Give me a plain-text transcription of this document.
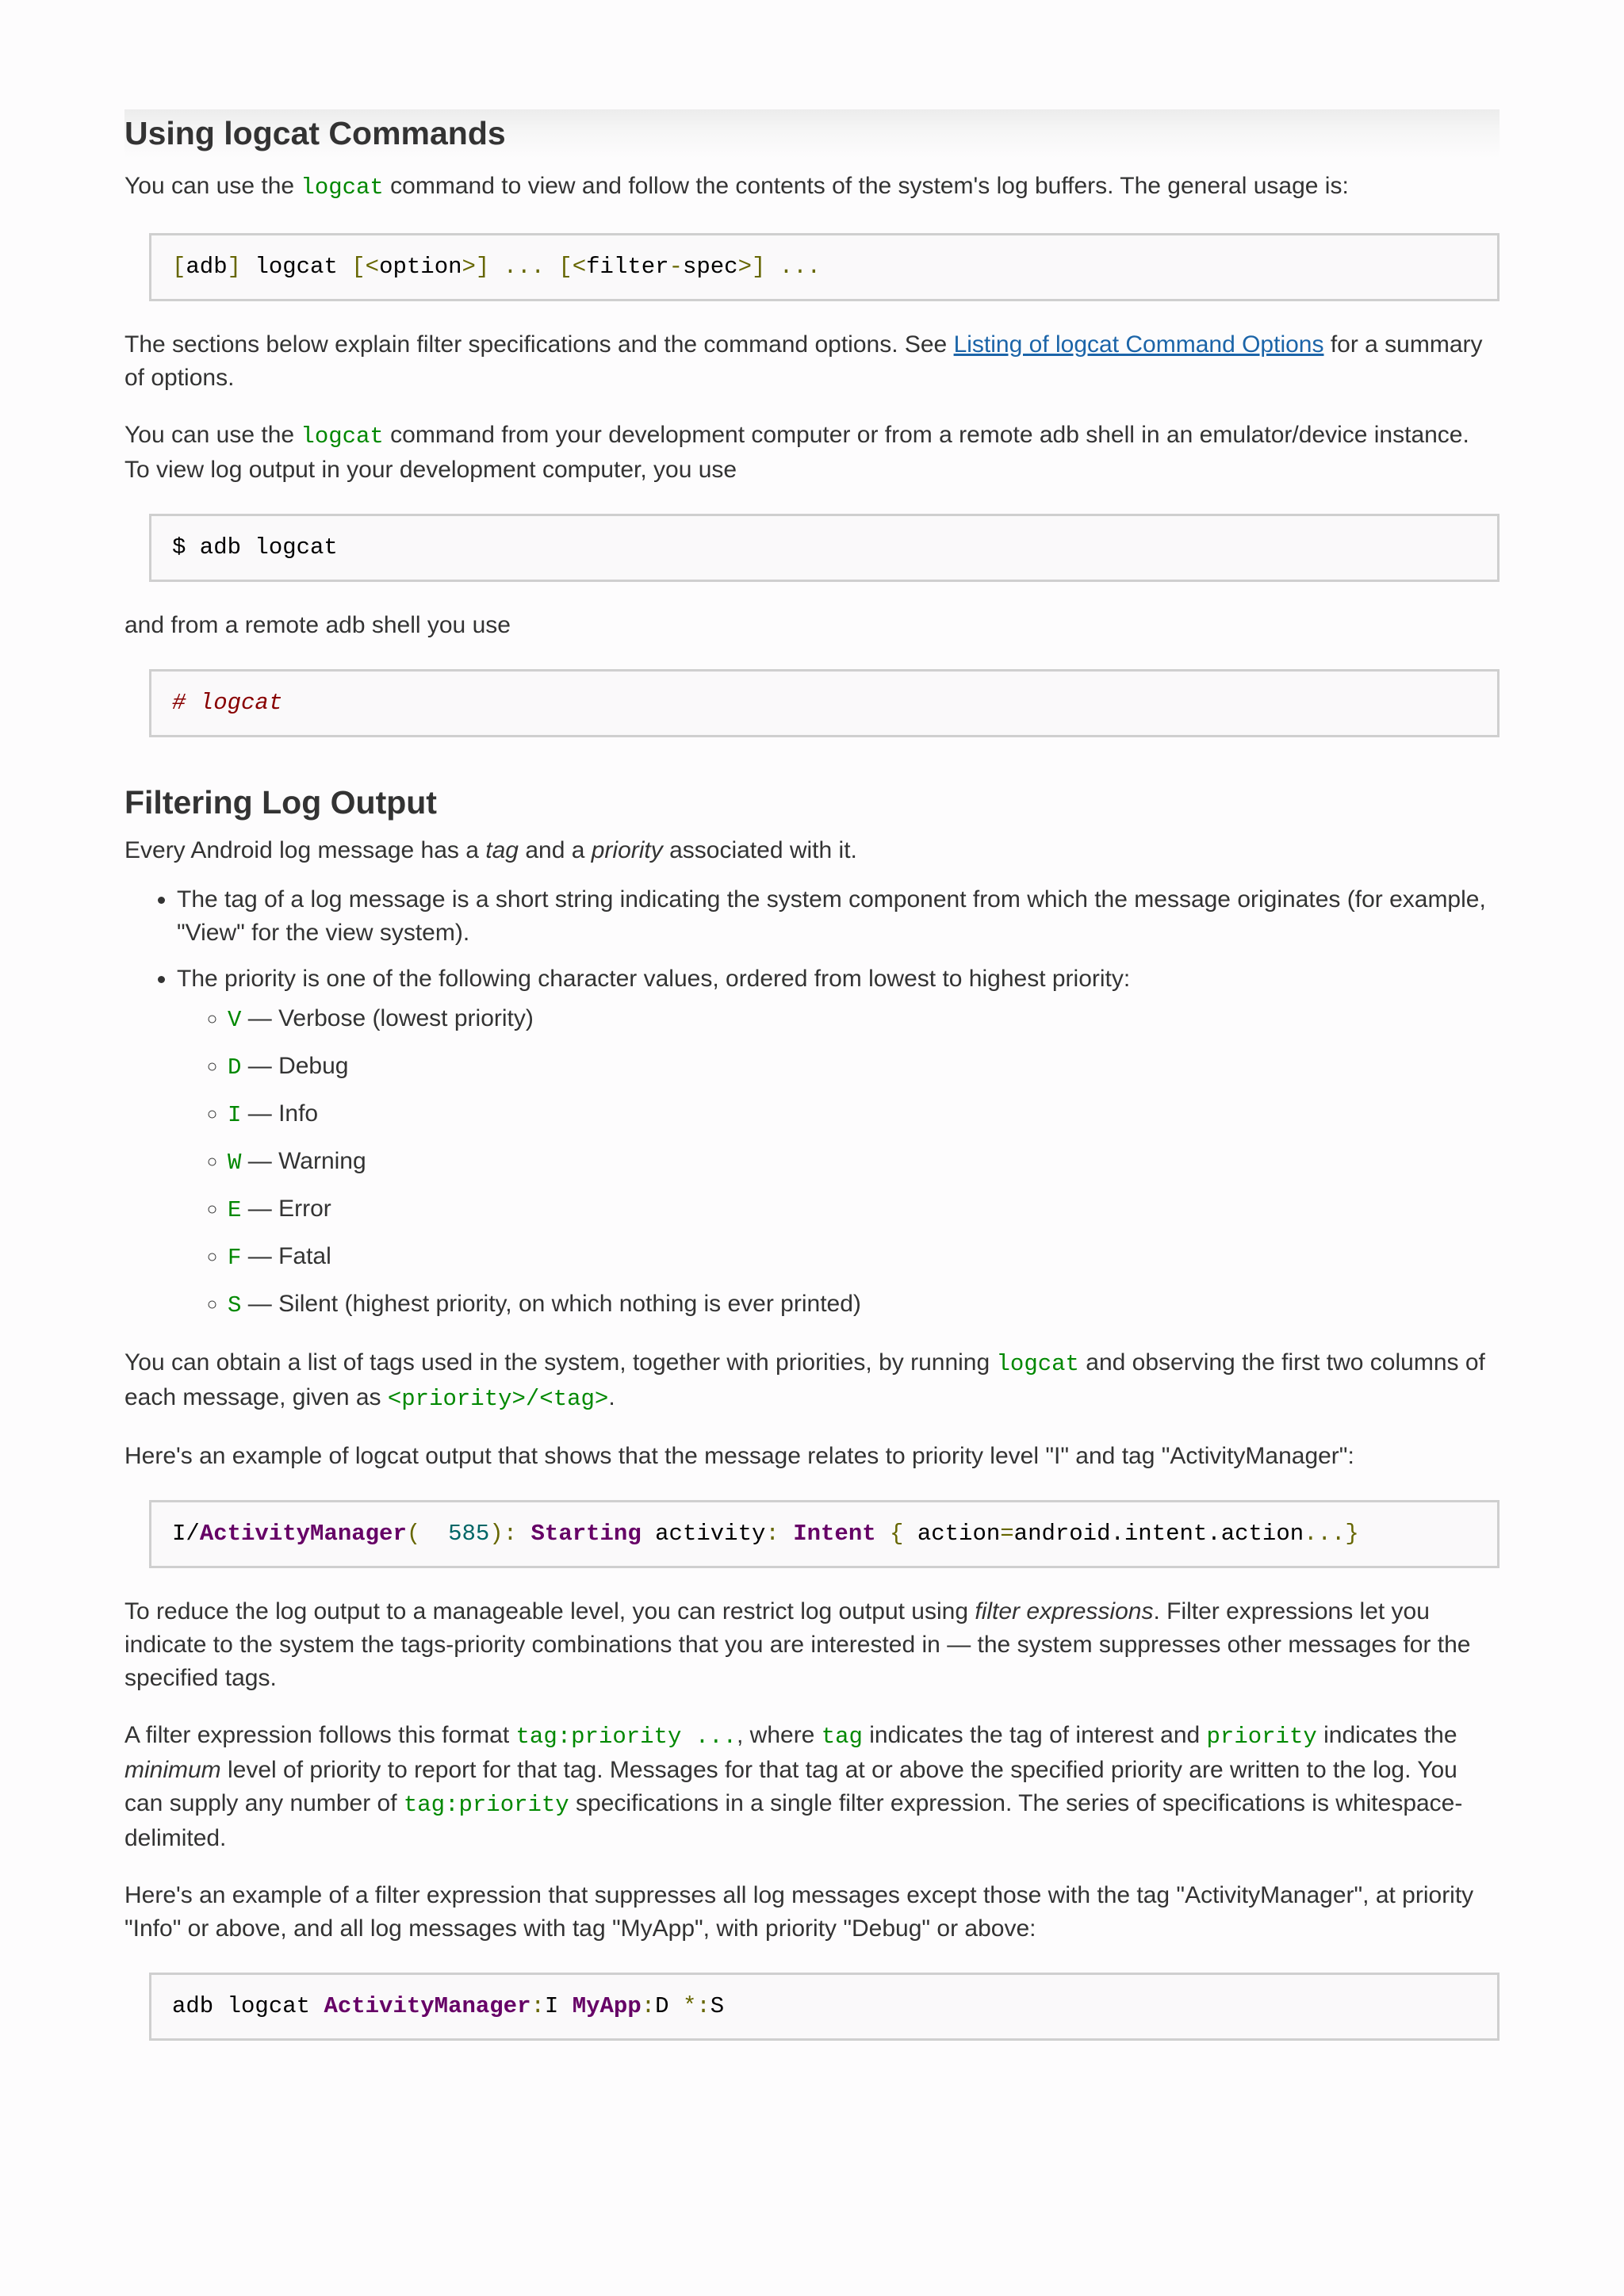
Using logcat Commands

You can use the logcat command to view and follow the contents of the system's log buffers. The general usage is:

[ adb ] logcat [< option >] ... [< filter - spec >] ...

The sections below explain filter specifications and the command options. See Listing of logcat Command Options for a summary of options.

You can use the logcat command from your development computer or from a remote adb shell in an emulator/device instance. To view log output in your development computer, you use

$ adb logcat

and from a remote adb shell you use

# logcat
Filtering Log Output

Every Android log message has a tag and a priority associated with it.

• The tag of a log message is a short string indicating the system component from which the message originates (for example, "View" for the view system).
• The priority is one of the following character values, ordered from lowest to highest priority:
◦ V — Verbose (lowest priority)
◦ D — Debug
◦ I — Info
◦ W — Warning
◦ E — Error
◦ F — Fatal
◦ S — Silent (highest priority, on which nothing is ever printed)

You can obtain a list of tags used in the system, together with priorities, by running logcat and observing the first two columns of each message, given as <priority>/<tag>.

Here's an example of logcat output that shows that the message relates to priority level "I" and tag "ActivityManager":

I/ ActivityManager ( 585 ): Starting activity : Intent { action = android.intent.action ...}

To reduce the log output to a manageable level, you can restrict log output using filter expressions. Filter expressions let you indicate to the system the tags-priority combinations that you are interested in — the system suppresses other messages for the specified tags.

A filter expression follows this format tag:priority ..., where tag indicates the tag of interest and priority indicates the minimum level of priority to report for that tag. Messages for that tag at or above the specified priority are written to the log. You can supply any number of tag:priority specifications in a single filter expression. The series of specifications is whitespace-delimited.

Here's an example of a filter expression that suppresses all log messages except those with the tag "ActivityManager", at priority "Info" or above, and all log messages with tag "MyApp", with priority "Debug" or above:

adb logcat ActivityManager : I MyApp : D *: S
